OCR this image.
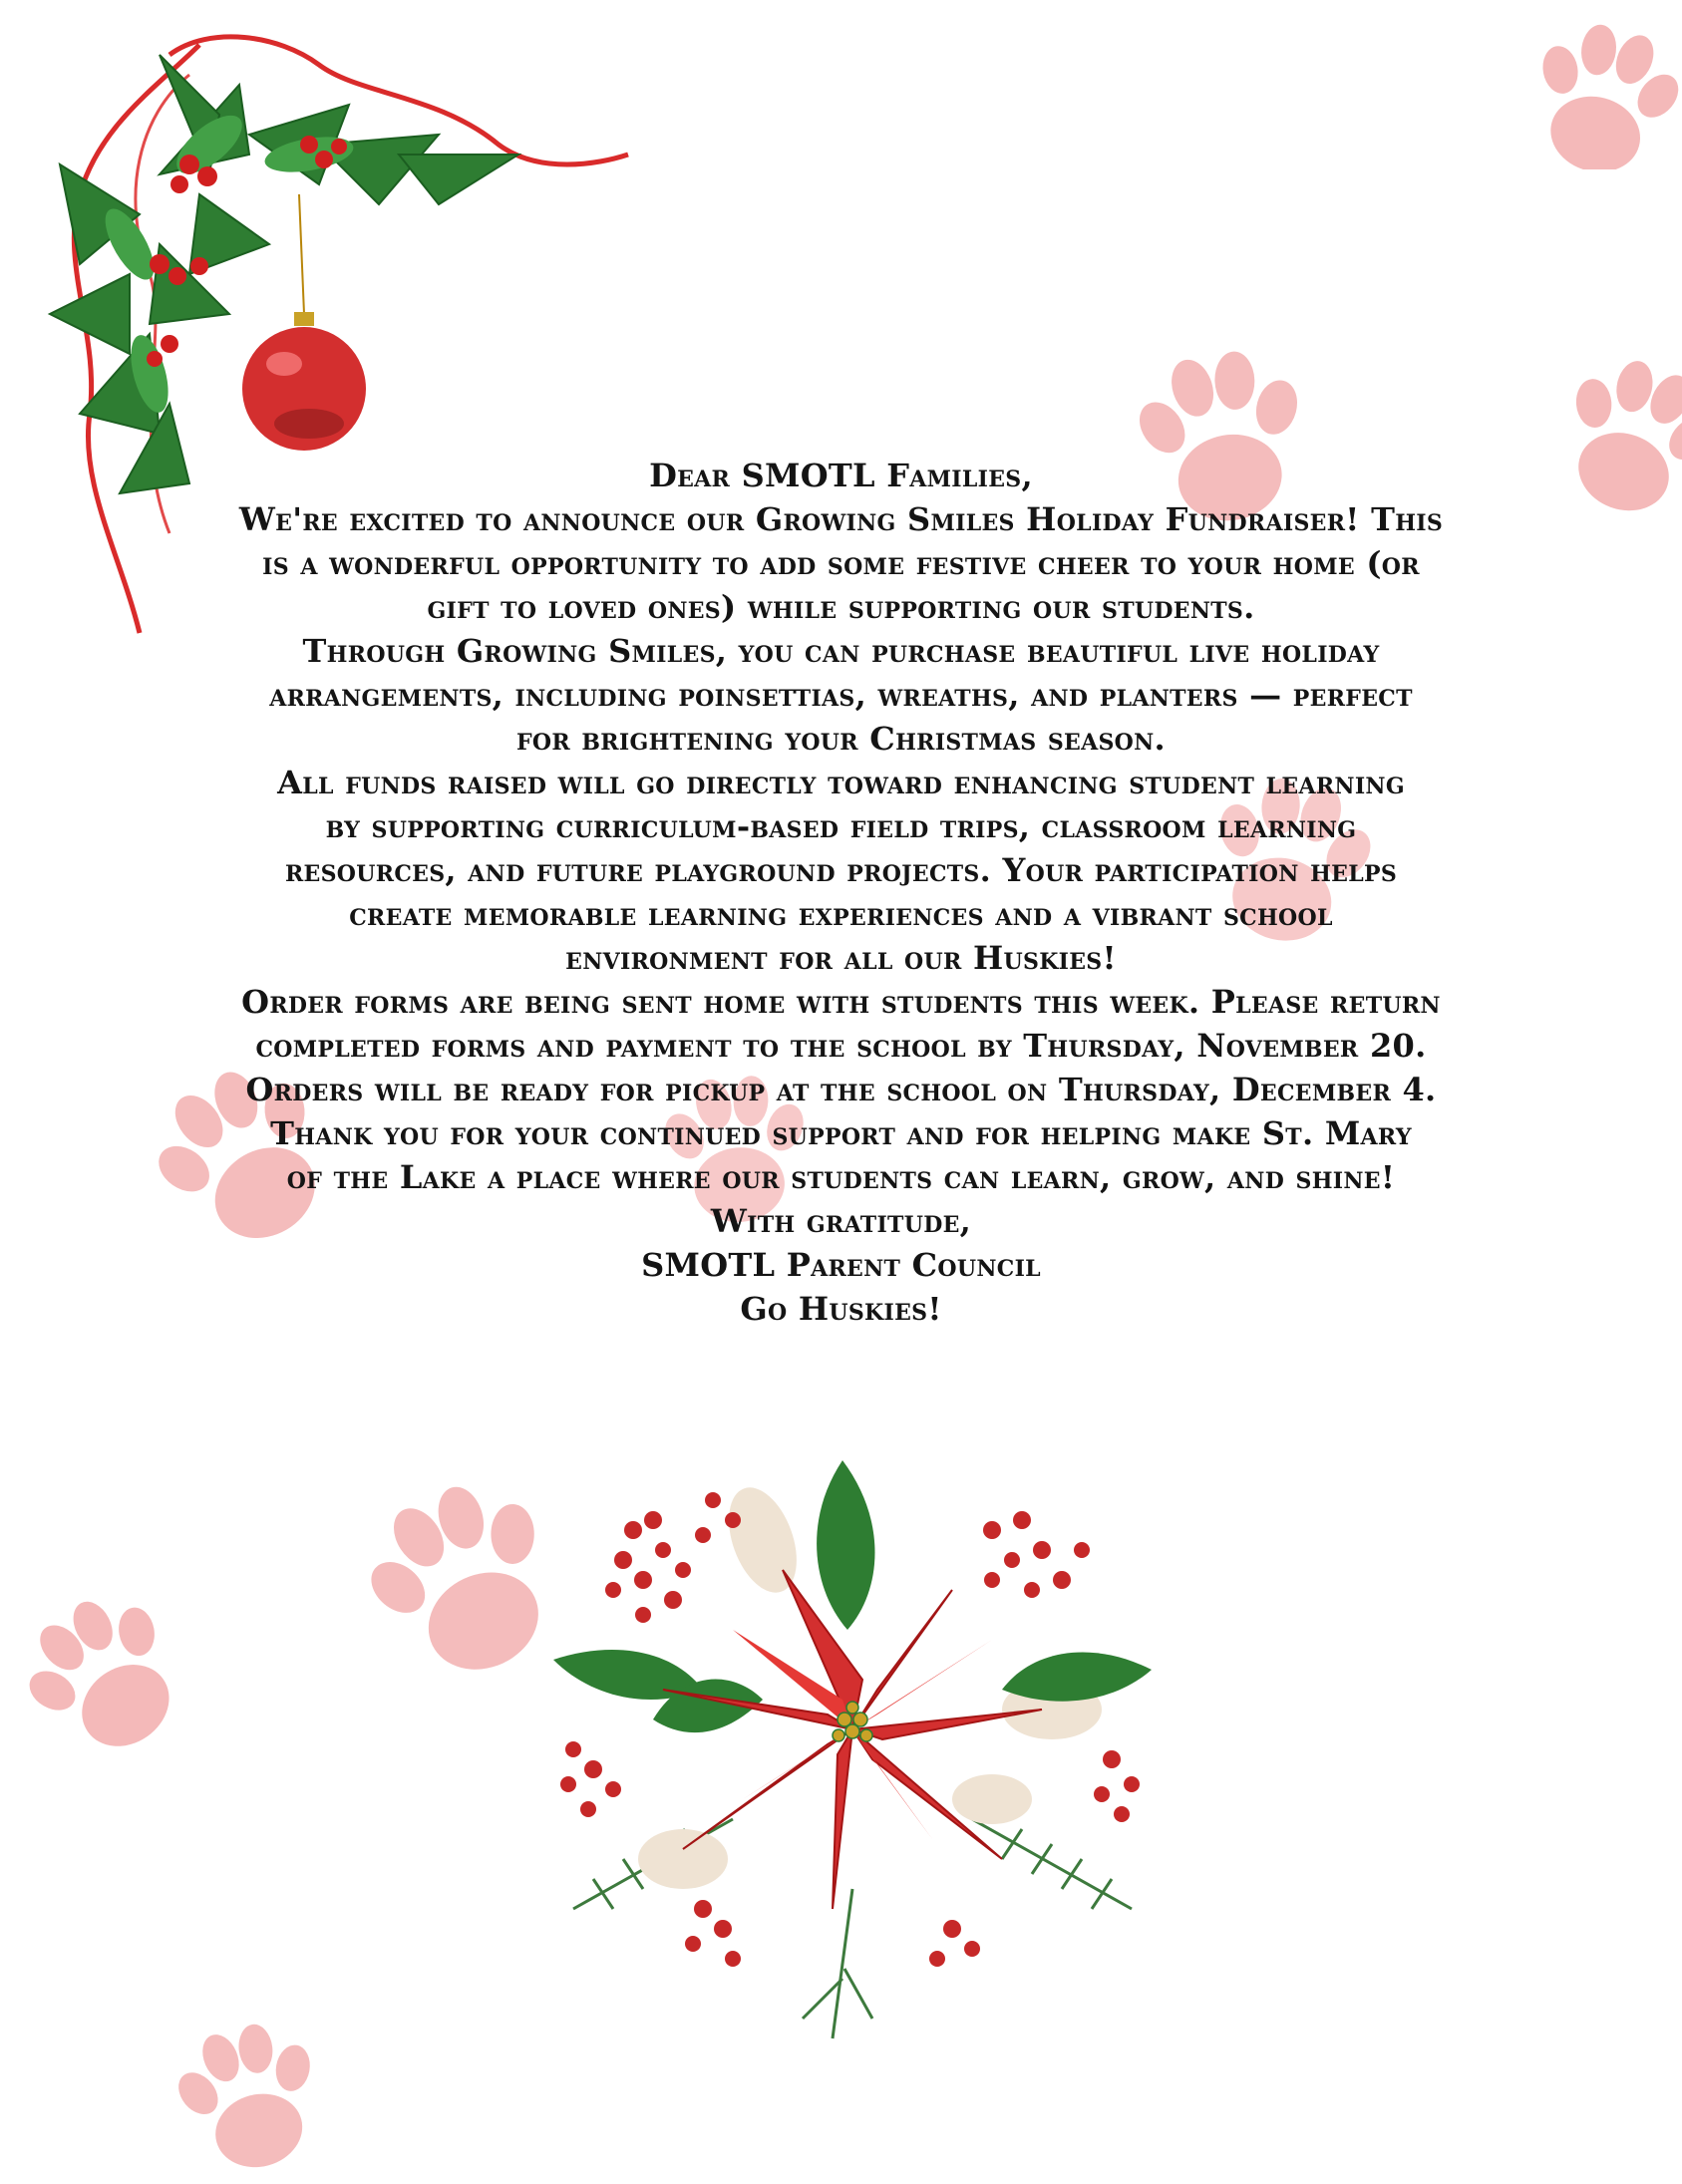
Dear SMOTL Families,
We're excited to announce our Growing Smiles Holiday Fundraiser! This
is a wonderful opportunity to add some festive cheer to your home (or
gift to loved ones) while supporting our students.
Through Growing Smiles, you can purchase beautiful live holiday
arrangements, including poinsettias, wreaths, and planters — perfect
for brightening your Christmas season.
All funds raised will go directly toward enhancing student learning
by supporting curriculum-based field trips, classroom learning
resources, and future playground projects. Your participation helps
create memorable learning experiences and a vibrant school
environment for all our Huskies!
Order forms are being sent home with students this week. Please return
completed forms and payment to the school by Thursday, November 20.
Orders will be ready for pickup at the school on Thursday, December 4.
Thank you for your continued support and for helping make St. Mary
of the Lake a place where our students can learn, grow, and shine!
With gratitude,
SMOTL Parent Council
Go Huskies!
